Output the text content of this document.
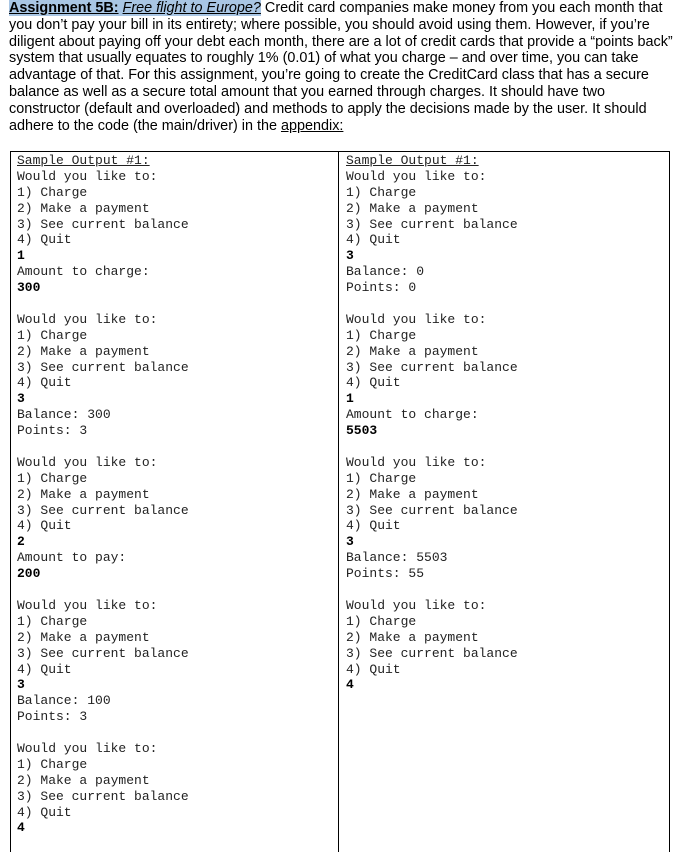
Assignment 5B: Free flight to Europe? Credit card companies make money from you each month that you don’t pay your bill in its entirety; where possible, you should avoid using them. However, if you’re diligent about paying off your debt each month, there are a lot of credit cards that provide a “points back” system that usually equates to roughly 1% (0.01) of what you charge – and over time, you can take advantage of that. For this assignment, you’re going to create the CreditCard class that has a secure balance as well as a secure total amount that you earned through charges. It should have two constructor (default and overloaded) and methods to apply the decisions made by the user. It should adhere to the code (the main/driver) in the appendix:
Sample Output #1:
Would you like to:
1) Charge
2) Make a payment
3) See current balance
4) Quit
1
Amount to charge:
300
Would you like to:
1) Charge
2) Make a payment
3) See current balance
4) Quit
3
Balance: 300
Points: 3
Would you like to:
1) Charge
2) Make a payment
3) See current balance
4) Quit
2
Amount to pay:
200
Would you like to:
1) Charge
2) Make a payment
3) See current balance
4) Quit
3
Balance: 100
Points: 3
Would you like to:
1) Charge
2) Make a payment
3) See current balance
4) Quit
4
Sample Output #1:
Would you like to:
1) Charge
2) Make a payment
3) See current balance
4) Quit
3
Balance: 0
Points: 0
Would you like to:
1) Charge
2) Make a payment
3) See current balance
4) Quit
1
Amount to charge:
5503
Would you like to:
1) Charge
2) Make a payment
3) See current balance
4) Quit
3
Balance: 5503
Points: 55
Would you like to:
1) Charge
2) Make a payment
3) See current balance
4) Quit
4
